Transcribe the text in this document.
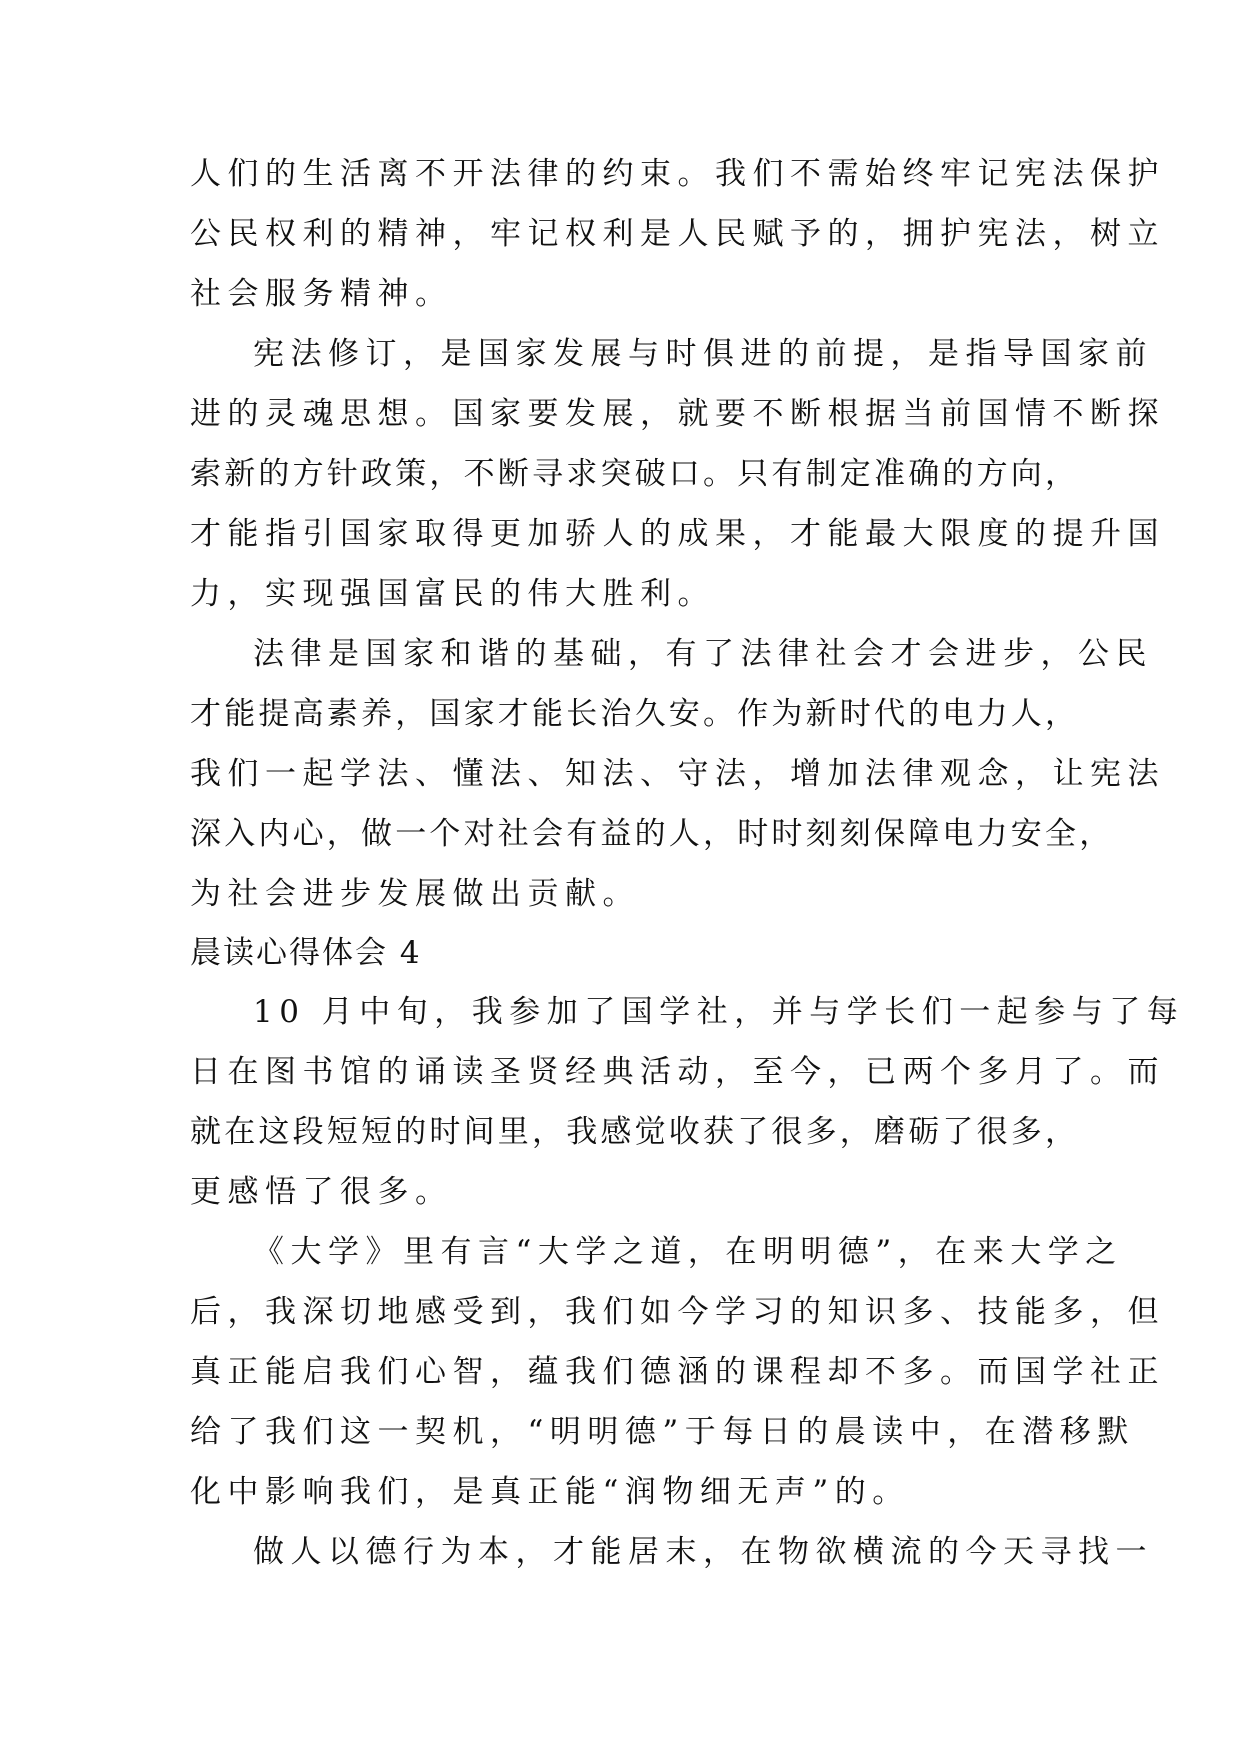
人们的生活离不开法律的约束。我们不需始终牢记宪法保护
公民权利的精神，牢记权利是人民赋予的，拥护宪法，树立
社会服务精神。
宪法修订，是国家发展与时俱进的前提，是指导国家前
进的灵魂思想。国家要发展，就要不断根据当前国情不断探
索新的方针政策，不断寻求突破口。只有制定准确的方向，
才能指引国家取得更加骄人的成果，才能最大限度的提升国
力，实现强国富民的伟大胜利。
法律是国家和谐的基础，有了法律社会才会进步，公民
才能提高素养，国家才能长治久安。作为新时代的电力人，
我们一起学法、懂法、知法、守法，增加法律观念，让宪法
深入内心，做一个对社会有益的人，时时刻刻保障电力安全，
为社会进步发展做出贡献。
晨读心得体会 4
10 月中旬，我参加了国学社，并与学长们一起参与了每
日在图书馆的诵读圣贤经典活动，至今，已两个多月了。而
就在这段短短的时间里，我感觉收获了很多，磨砺了很多，
更感悟了很多。
《大学》里有言“大学之道，在明明德”，在来大学之
后，我深切地感受到，我们如今学习的知识多、技能多，但
真正能启我们心智，蕴我们德涵的课程却不多。而国学社正
给了我们这一契机，“明明德”于每日的晨读中，在潜移默
化中影响我们，是真正能“润物细无声”的。
做人以德行为本，才能居末，在物欲横流的今天寻找一
